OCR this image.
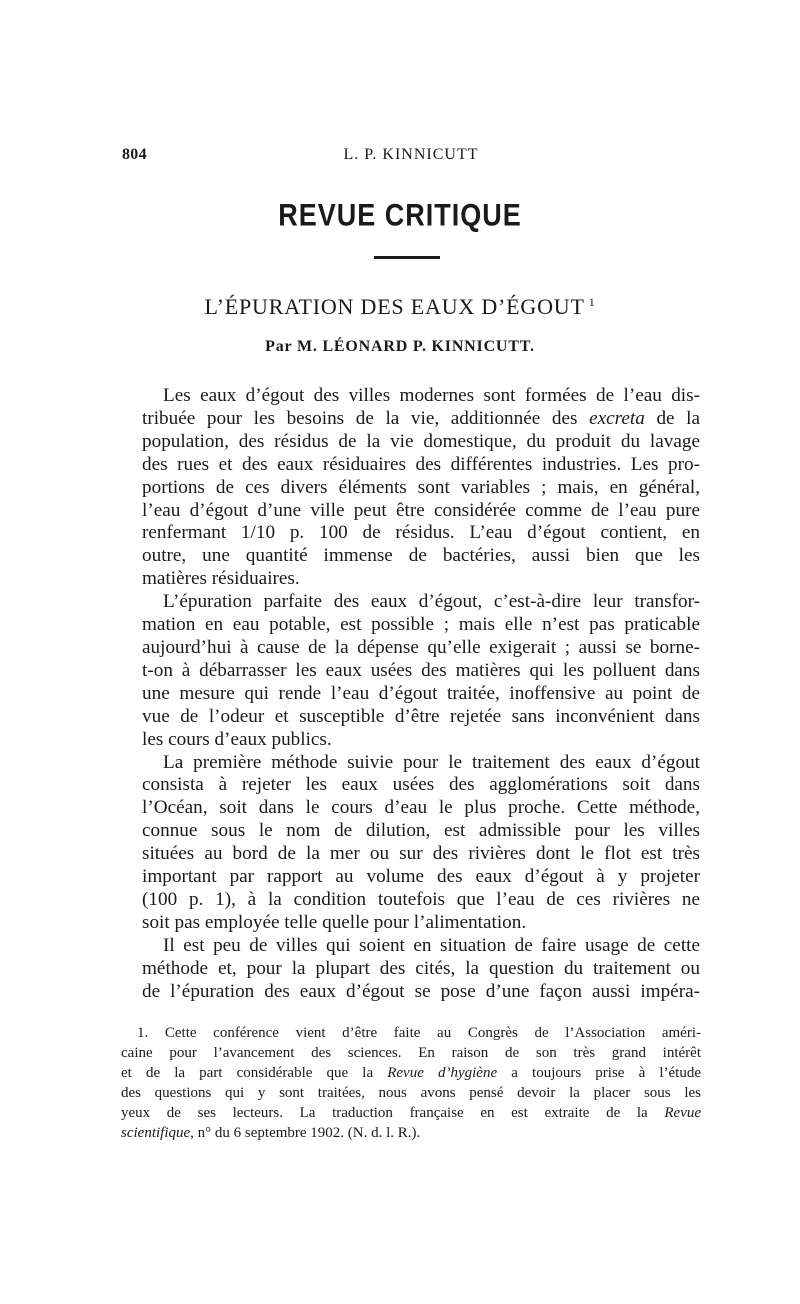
804	L. P. KINNICUTT
REVUE CRITIQUE
L’ÉPURATION DES EAUX D’ÉGOUT $^1$
Par M. LÉONARD P. KINNICUTT.

Les eaux d’égout des villes modernes sont formées de l’eau dis-
tribuée pour les besoins de la vie, additionnée des excreta de la
population, des résidus de la vie domestique, du produit du lavage
des rues et des eaux résiduaires des différentes industries. Les pro-
portions de ces divers éléments sont variables ; mais, en général,
l’eau d’égout d’une ville peut être considérée comme de l’eau pure
renfermant 1/10 p. 100 de résidus. L’eau d’égout contient, en
outre, une quantité immense de bactéries, aussi bien que les
matières résiduaires.

L’épuration parfaite des eaux d’égout, c’est-à-dire leur transfor-
mation en eau potable, est possible ; mais elle n’est pas praticable
aujourd’hui à cause de la dépense qu’elle exigerait ; aussi se borne-
t-on à débarrasser les eaux usées des matières qui les polluent dans
une mesure qui rende l’eau d’égout traitée, inoffensive au point de
vue de l’odeur et susceptible d’être rejetée sans inconvénient dans
les cours d’eaux publics.

La première méthode suivie pour le traitement des eaux d’égout
consista à rejeter les eaux usées des agglomérations soit dans
l’Océan, soit dans le cours d’eau le plus proche. Cette méthode,
connue sous le nom de dilution, est admissible pour les villes
situées au bord de la mer ou sur des rivières dont le flot est très
important par rapport au volume des eaux d’égout à y projeter
(100 p. 1), à la condition toutefois que l’eau de ces rivières ne
soit pas employée telle quelle pour l’alimentation.

Il est peu de villes qui soient en situation de faire usage de cette
méthode et, pour la plupart des cités, la question du traitement ou
de l’épuration des eaux d’égout se pose d’une façon aussi impéra-

1. Cette conférence vient d’être faite au Congrès de l’Association améri-
caine pour l’avancement des sciences. En raison de son très grand intérêt
et de la part considérable que la Revue d’hygiène a toujours prise à l’étude
des questions qui y sont traitées, nous avons pensé devoir la placer sous les
yeux de ses lecteurs. La traduction française en est extraite de la Revue
scientifique, n° du 6 septembre 1902. (N. d. l. R.).
